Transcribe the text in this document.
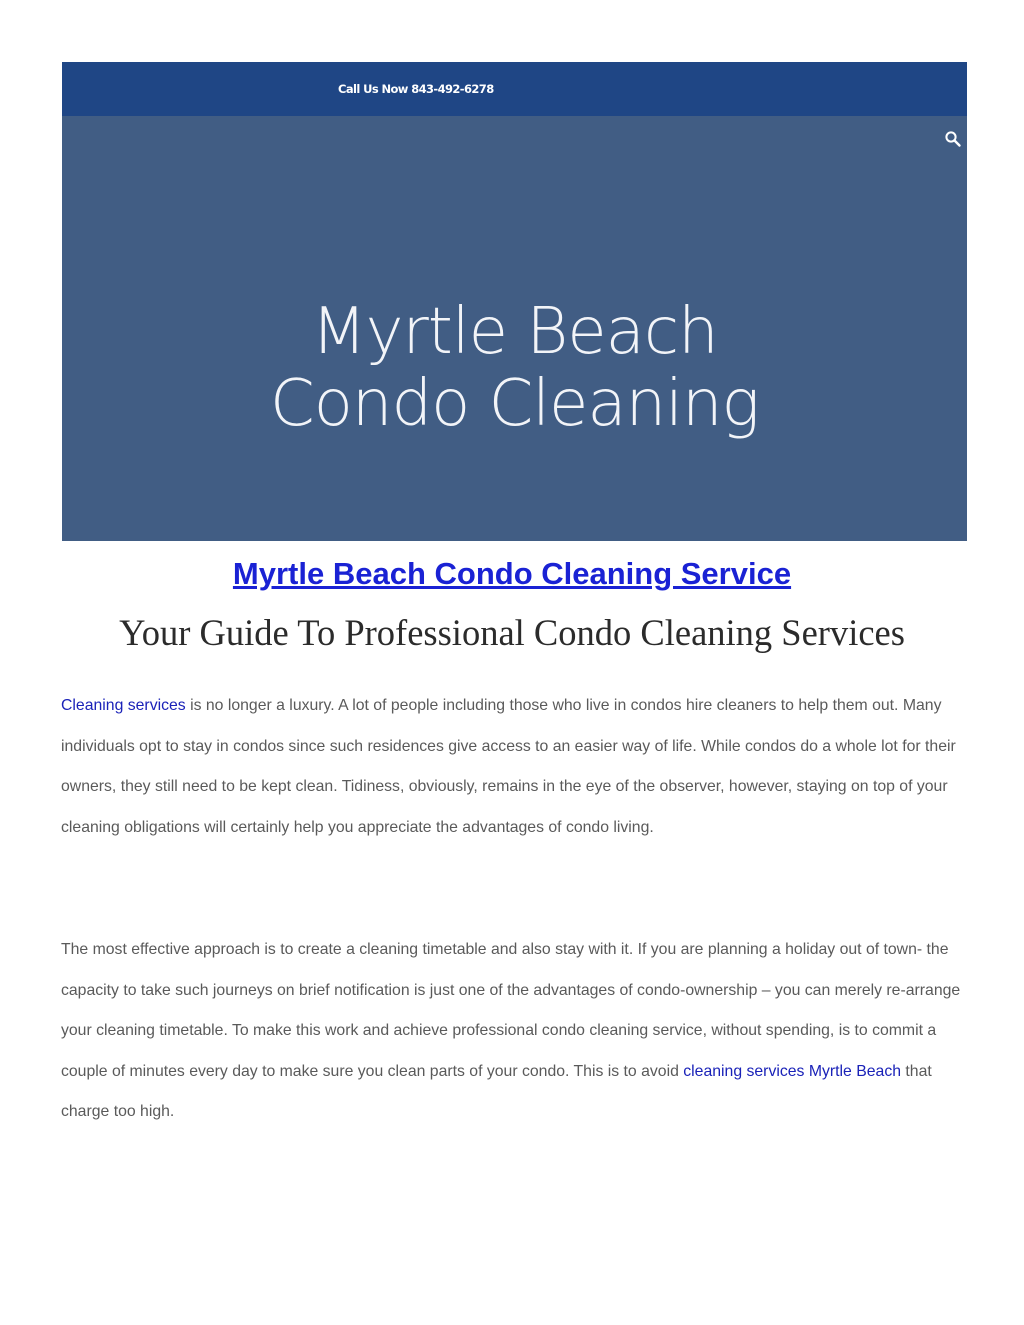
Call Us Now 843-492-6278
Myrtle Beach
Condo Cleaning
Myrtle Beach Condo Cleaning Service
Your Guide To Professional Condo Cleaning Services

Cleaning services is no longer a luxury. A lot of people including those who live in condos hire cleaners to help them out. Many individuals opt to stay in condos since such residences give access to an easier way of life. While condos do a whole lot for their owners, they still need to be kept clean. Tidiness, obviously, remains in the eye of the observer, however, staying on top of your cleaning obligations will certainly help you appreciate the advantages of condo living.

The most effective approach is to create a cleaning timetable and also stay with it. If you are planning a holiday out of town- the capacity to take such journeys on brief notification is just one of the advantages of condo-ownership – you can merely re-arrange your cleaning timetable. To make this work and achieve professional condo cleaning service, without spending, is to commit a couple of minutes every day to make sure you clean parts of your condo. This is to avoid cleaning services Myrtle Beach that charge too high.
